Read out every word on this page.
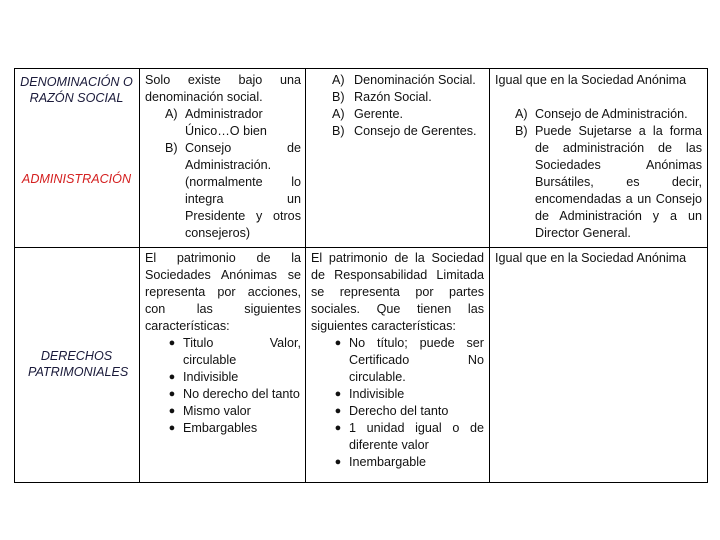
DENOMINACIÓN O RAZÓN SOCIAL
ADMINISTRACIÓN
DERECHOS PATRIMONIALES
Solo existe bajo una denominación social.
A) Administrador Único…O bien
B) Consejo de Administración. (normalmente lo integra un Presidente y otros consejeros)
A) Denominación Social.
B) Razón Social.
A) Gerente.
B) Consejo de Gerentes.
Igual que en la Sociedad Anónima
A) Consejo de Administración.
B) Puede Sujetarse a la forma de administración de las Sociedades Anónimas Bursátiles, es decir, encomendadas a un Consejo de Administración y a un Director General.
El patrimonio de la Sociedades Anónimas se representa por acciones, con las siguientes características:
● Titulo Valor, circulable
● Indivisible
● No derecho del tanto
● Mismo valor
● Embargables
El patrimonio de la Sociedad de Responsabilidad Limitada se representa por partes sociales. Que tienen las siguientes características:
● No título; puede ser Certificado No circulable.
● Indivisible
● Derecho del tanto
● 1 unidad igual o de diferente valor
● Inembargable
Igual que en la Sociedad Anónima
